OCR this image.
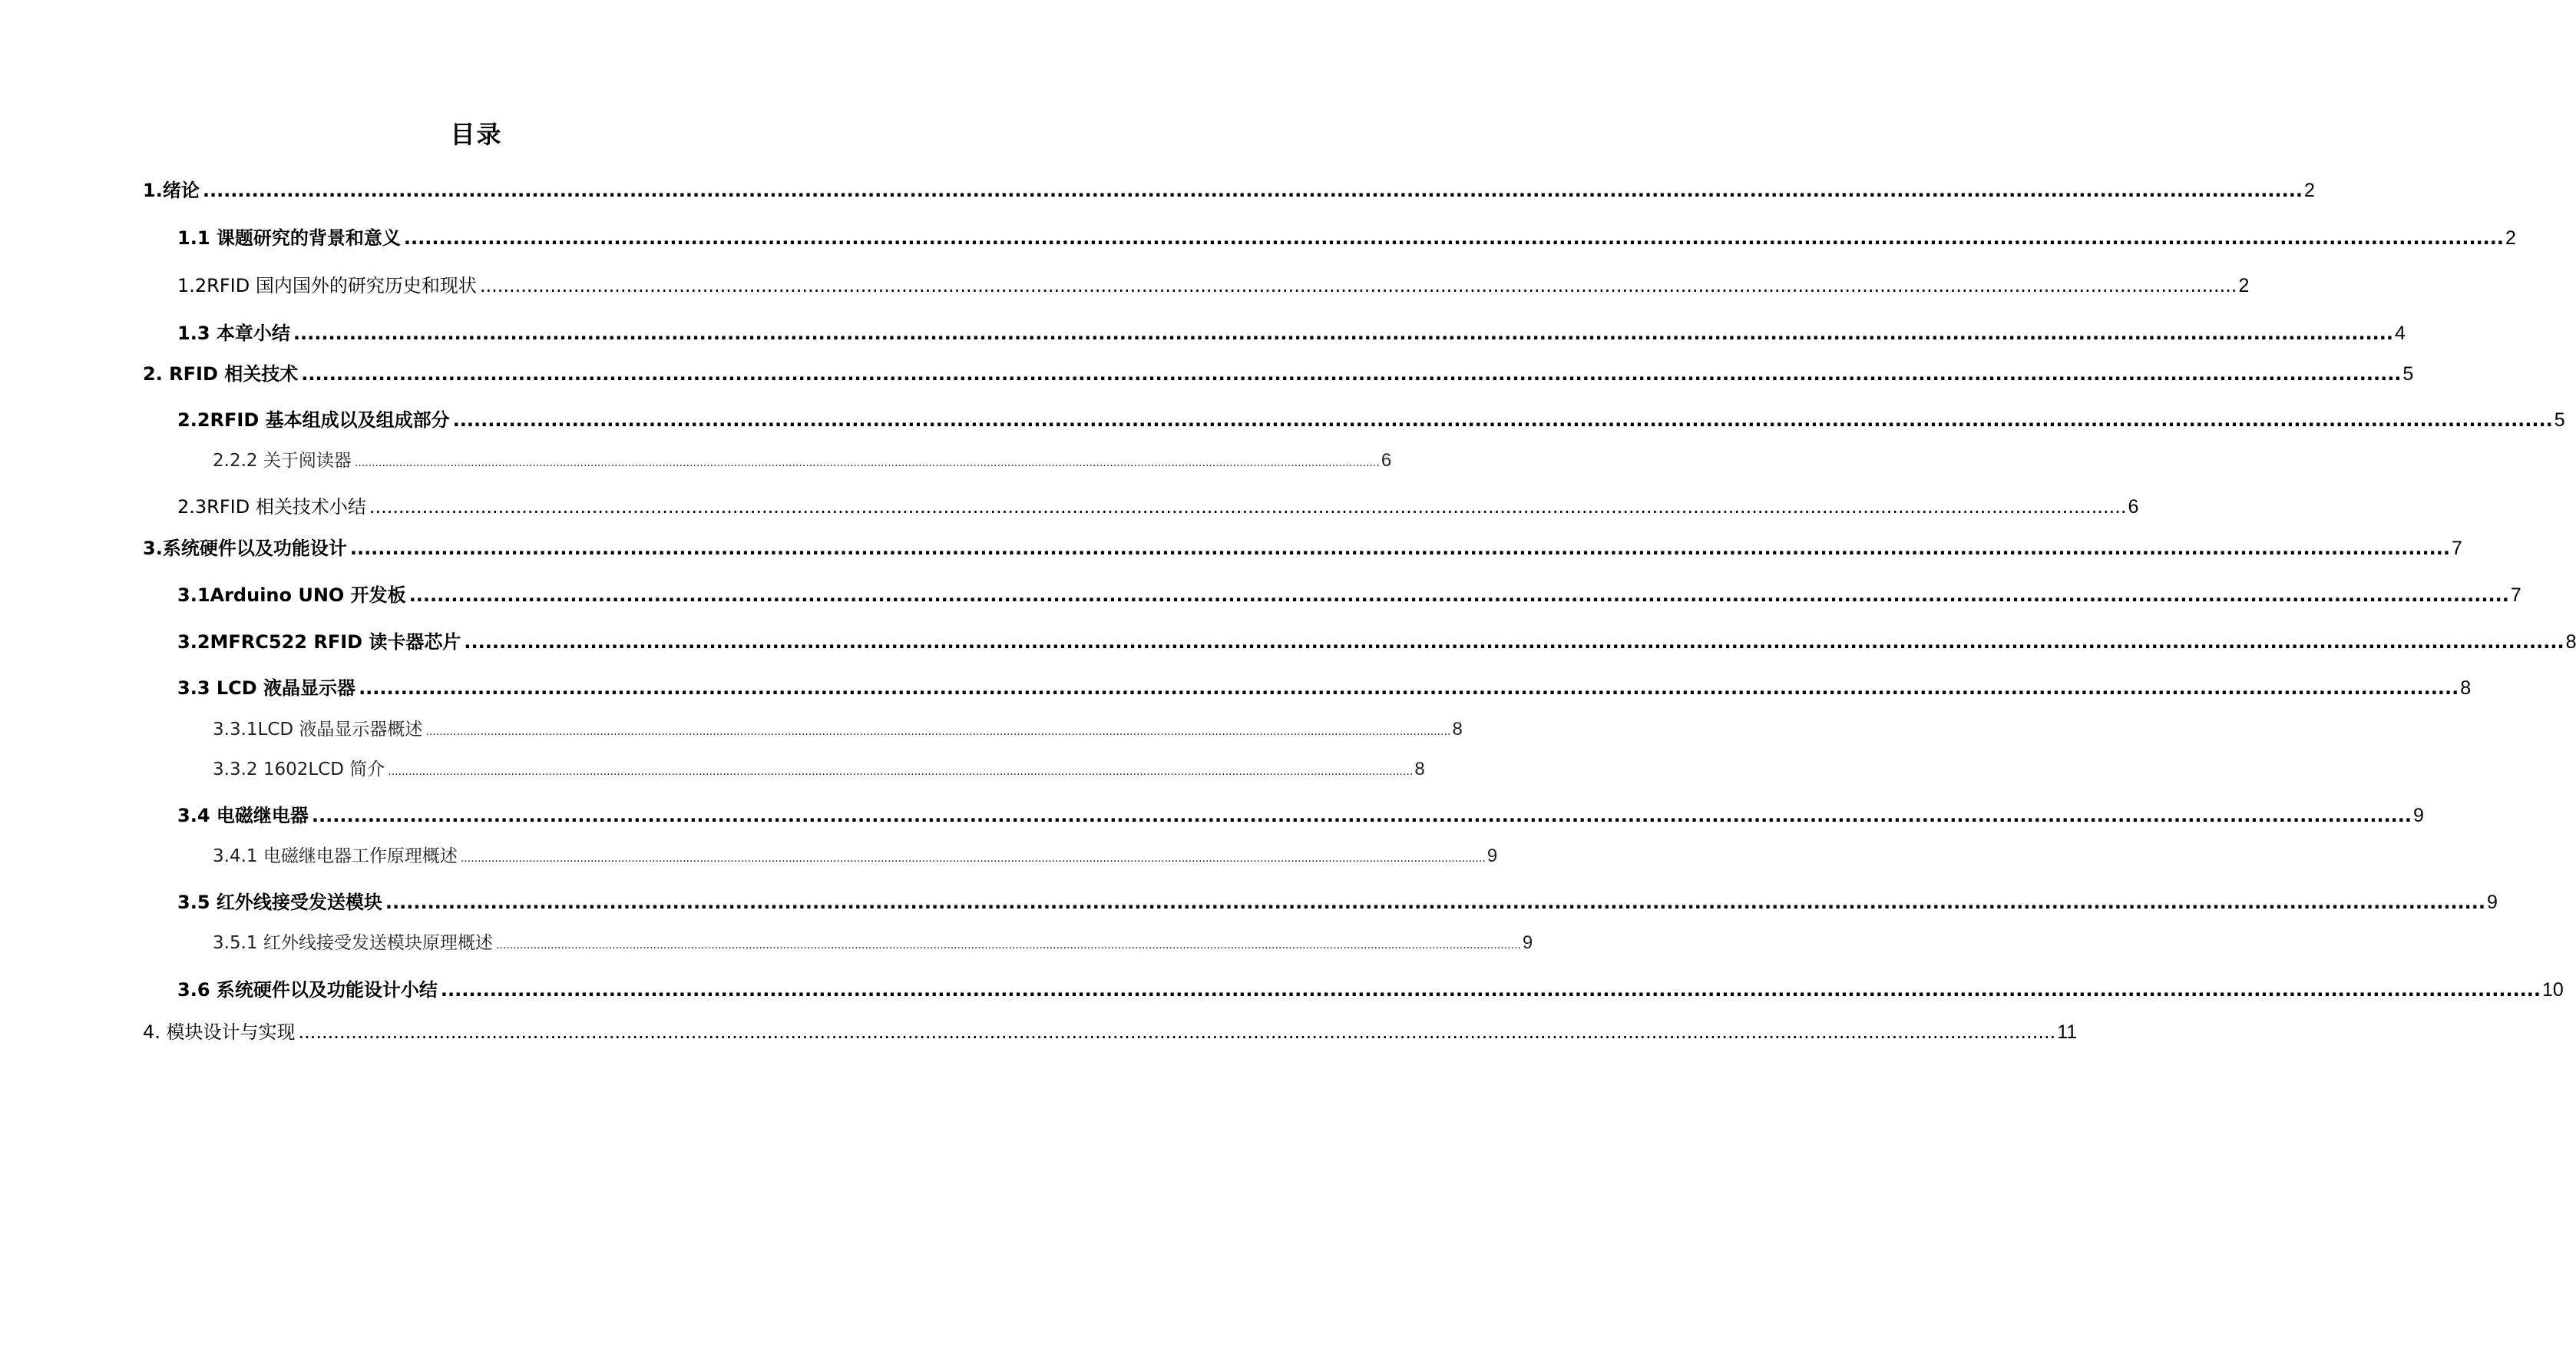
目录
1. 绪论 ............................................................................................................................................................................................................................................................................................................ 2
1.1 课题研究的背景和意义 ............................................................................................................................................................................................................................................................................................................ 2
1.2RFID 国内国外的研究历史和现状 ............................................................................................................................................................................................................................................................................................................ 2
1.3 本章小结 ............................................................................................................................................................................................................................................................................................................ 4
2. RFID 相关技术 ............................................................................................................................................................................................................................................................................................................ 5
2.2RFID 基本组成以及组成部分 ............................................................................................................................................................................................................................................................................................................ 5
2.2.2 关于阅读器 ............................................................................................................................................................................................................................................................................................................ 6
2.3RFID 相关技术小结 ............................................................................................................................................................................................................................................................................................................ 6
3.系统硬件以及功能设计 ............................................................................................................................................................................................................................................................................................................ 7
3.1Arduino UNO 开发板 ............................................................................................................................................................................................................................................................................................................ 7
3.2MFRC522 RFID 读卡器芯片 ............................................................................................................................................................................................................................................................................................................ 8
3.3 LCD 液晶显示器 ............................................................................................................................................................................................................................................................................................................ 8
3.3.1LCD 液晶显示器概述 ............................................................................................................................................................................................................................................................................................................ 8
3.3.2 1602LCD 简介 ............................................................................................................................................................................................................................................................................................................ 8
3.4 电磁继电器 ............................................................................................................................................................................................................................................................................................................ 9
3.4.1 电磁继电器工作原理概述 ............................................................................................................................................................................................................................................................................................................ 9
3.5 红外线接受发送模块 ............................................................................................................................................................................................................................................................................................................ 9
3.5.1 红外线接受发送模块原理概述 ............................................................................................................................................................................................................................................................................................................ 9
3.6 系统硬件以及功能设计小结 ............................................................................................................................................................................................................................................................................................................ 10
4. 模块设计与实现 ............................................................................................................................................................................................................................................................................................................ 11
